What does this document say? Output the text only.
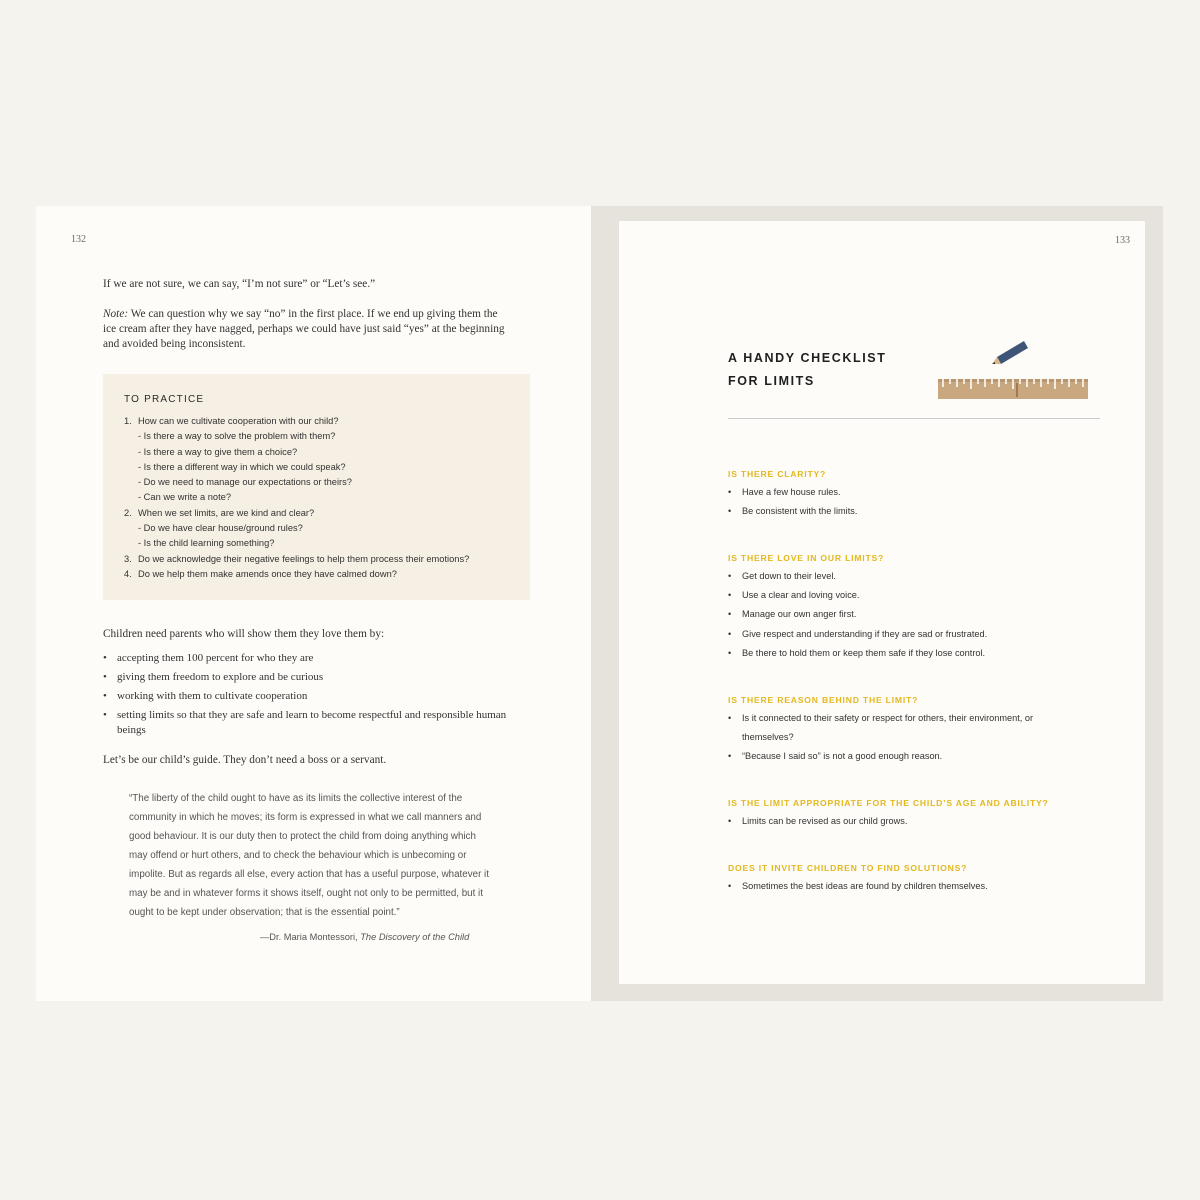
132
If we are not sure, we can say, “I’m not sure” or “Let’s see.”
Note: We can question why we say “no” in the first place. If we end up giving them the
ice cream after they have nagged, perhaps we could have just said “yes” at the beginning
and avoided being inconsistent.
TO PRACTICE
1. How can we cultivate cooperation with our child?
- Is there a way to solve the problem with them?
- Is there a way to give them a choice?
- Is there a different way in which we could speak?
- Do we need to manage our expectations or theirs?
- Can we write a note?
2. When we set limits, are we kind and clear?
- Do we have clear house/ground rules?
- Is the child learning something?
3. Do we acknowledge their negative feelings to help them process their emotions?
4. Do we help them make amends once they have calmed down?
Children need parents who will show them they love them by:
• accepting them 100 percent for who they are
• giving them freedom to explore and be curious
• working with them to cultivate cooperation
• setting limits so that they are safe and learn to become respectful and responsible human beings
Let’s be our child’s guide. They don’t need a boss or a servant.
“The liberty of the child ought to have as its limits the collective interest of the
community in which he moves; its form is expressed in what we call manners and
good behaviour. It is our duty then to protect the child from doing anything which
may offend or hurt others, and to check the behaviour which is unbecoming or
impolite. But as regards all else, every action that has a useful purpose, whatever it
may be and in whatever forms it shows itself, ought not only to be permitted, but it
ought to be kept under observation; that is the essential point.”
—Dr. Maria Montessori, The Discovery of the Child
133
A HANDY CHECKLIST
FOR LIMITS
IS THERE CLARITY?
• Have a few house rules.
• Be consistent with the limits.
IS THERE LOVE IN OUR LIMITS?
• Get down to their level.
• Use a clear and loving voice.
• Manage our own anger first.
• Give respect and understanding if they are sad or frustrated.
• Be there to hold them or keep them safe if they lose control.
IS THERE REASON BEHIND THE LIMIT?
• Is it connected to their safety or respect for others, their environment, or themselves?
• “Because I said so” is not a good enough reason.
IS THE LIMIT APPROPRIATE FOR THE CHILD’S AGE AND ABILITY?
• Limits can be revised as our child grows.
DOES IT INVITE CHILDREN TO FIND SOLUTIONS?
• Sometimes the best ideas are found by children themselves.
